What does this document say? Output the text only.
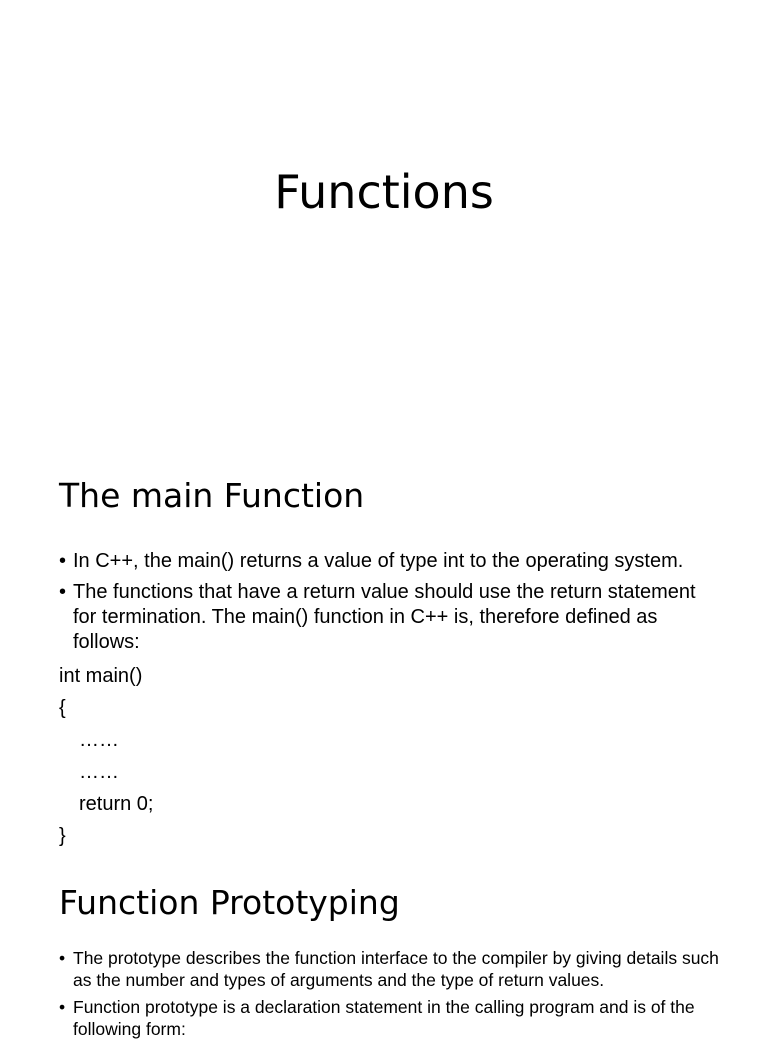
Functions
The main Function
• In C++, the main() returns a value of type int to the operating system.
• The functions that have a return value should use the return statement for termination. The main() function in C++ is, therefore defined as follows:
int main()
{
……
……
return 0;
}
Function Prototyping
• The prototype describes the function interface to the compiler by giving details such as the number and types of arguments and the type of return values.
• Function prototype is a declaration statement in the calling program and is of the following form:
